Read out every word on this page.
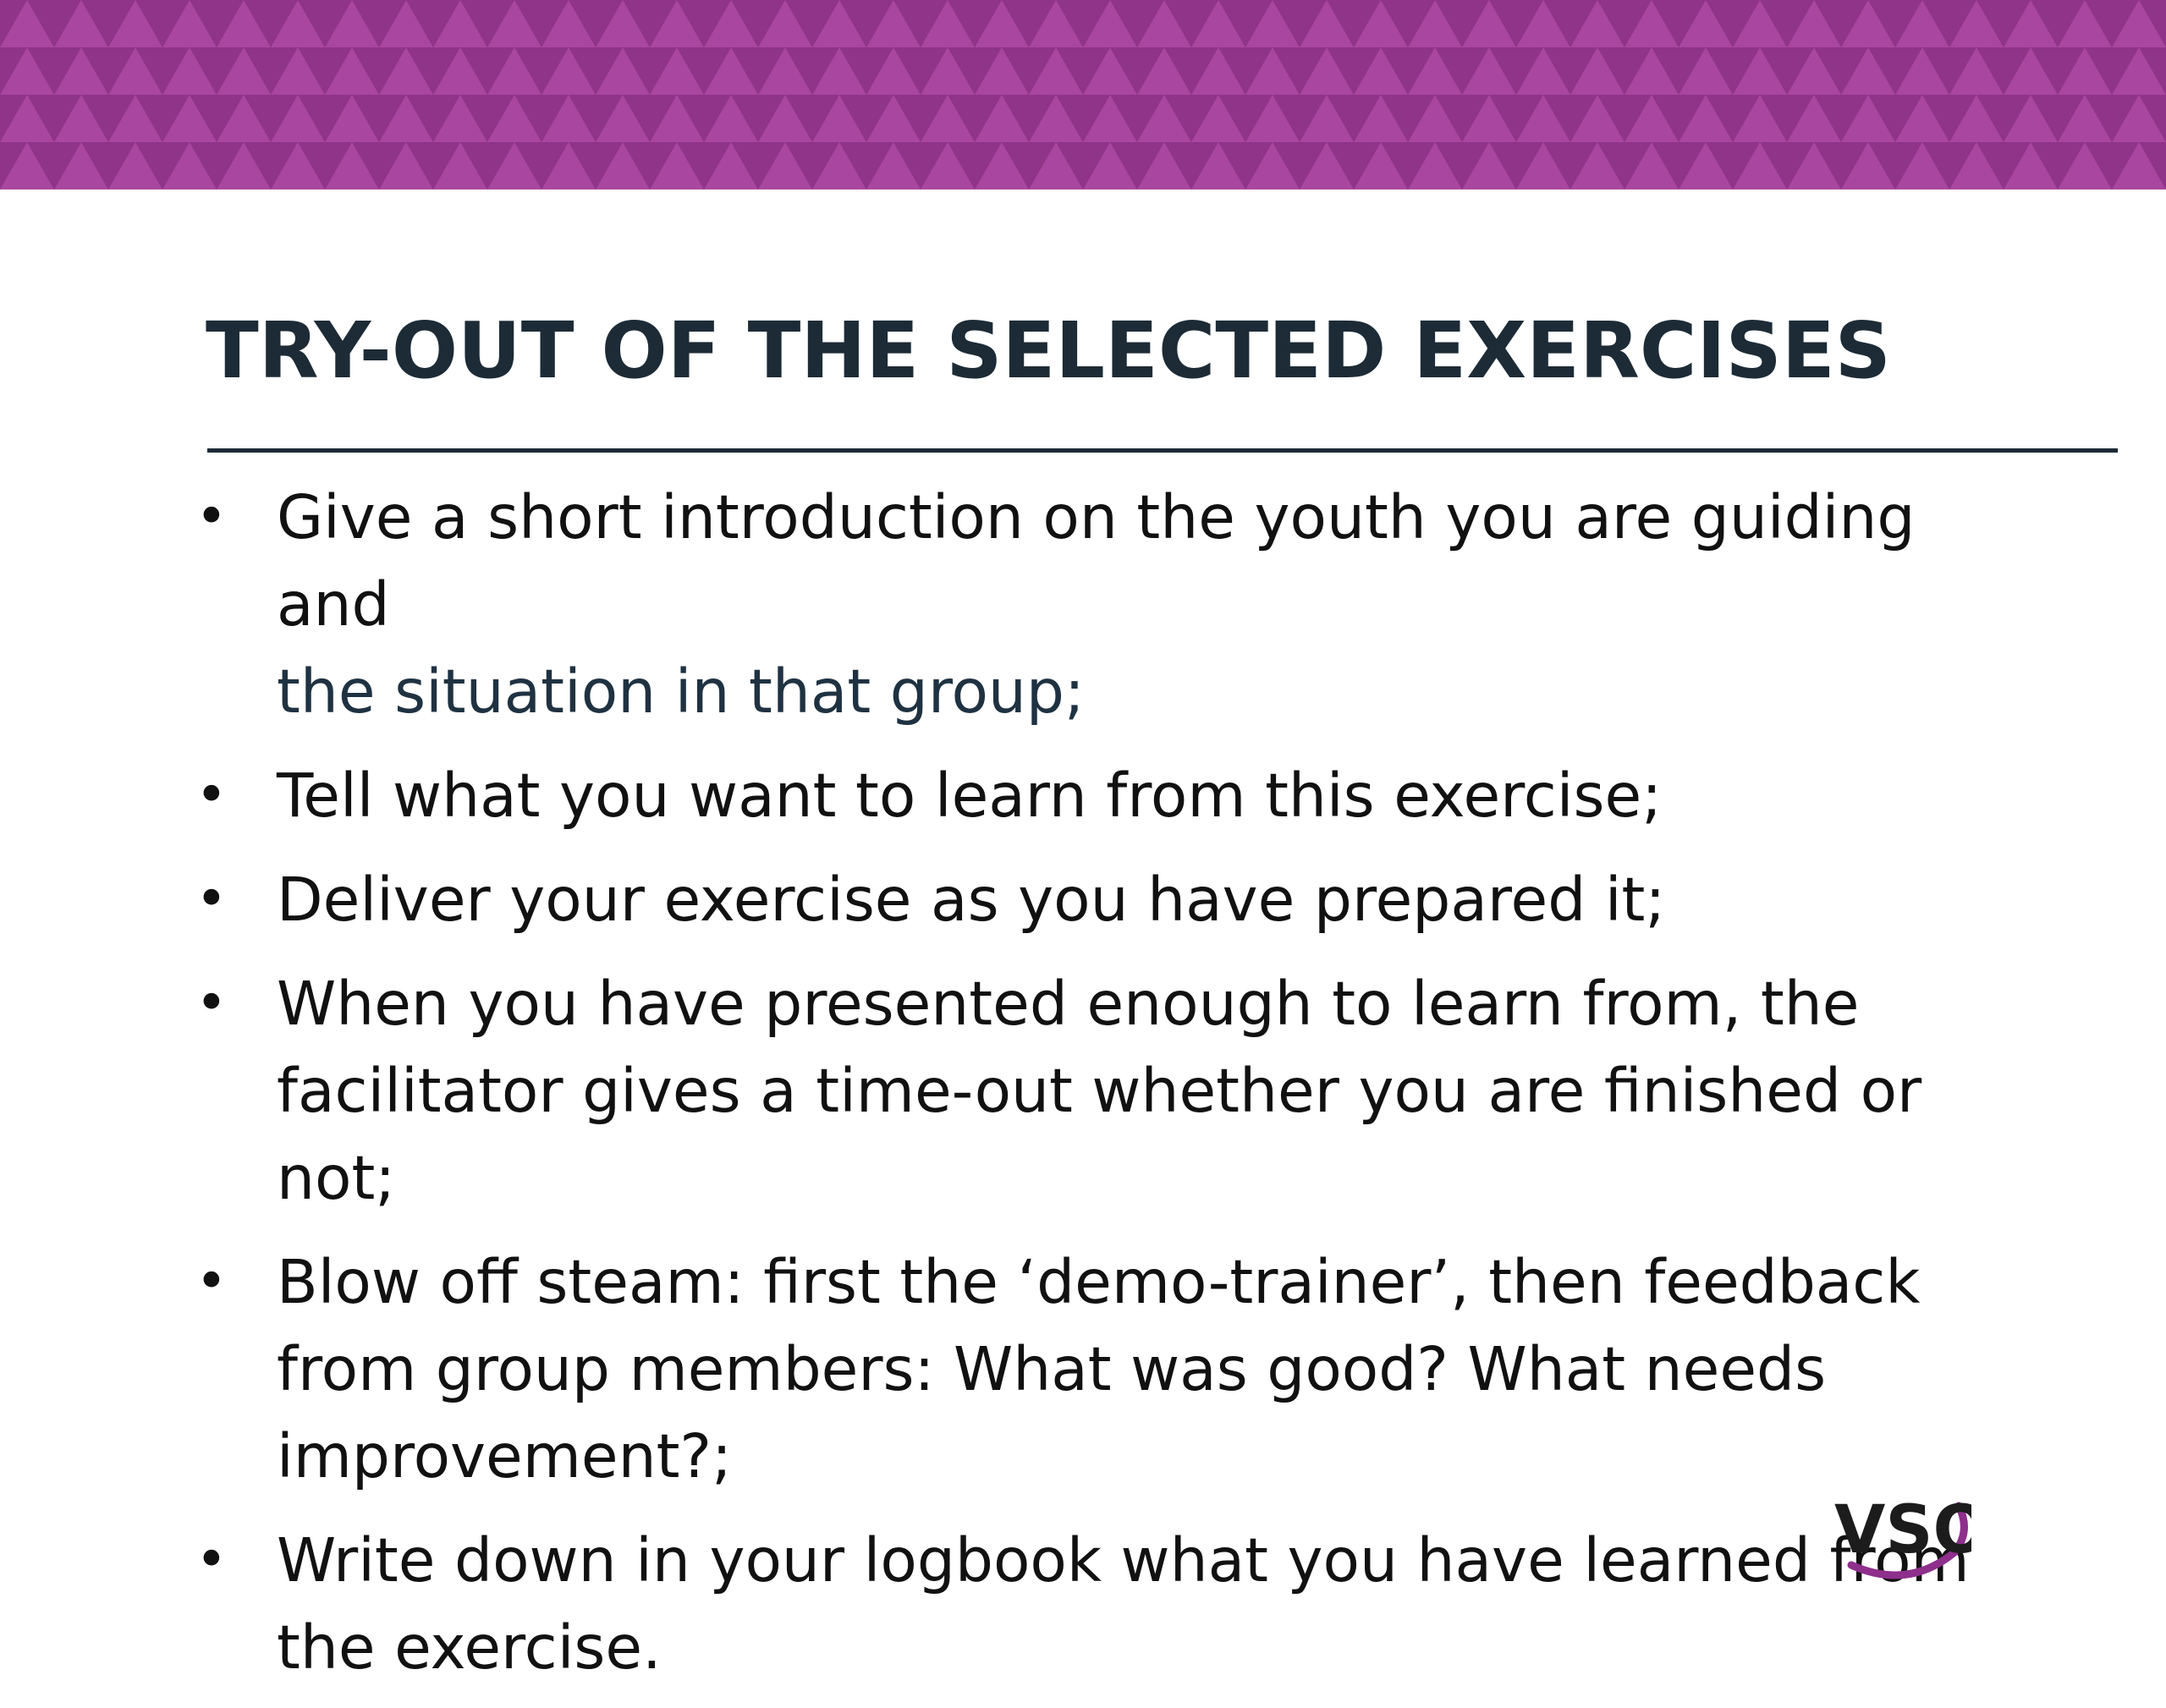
TRY-OUT OF THE SELECTED EXERCISES
• Give a short introduction on the youth you are guiding and
the situation in that group;
• Tell what you want to learn from this exercise;
• Deliver your exercise as you have prepared it;
• When you have presented enough to learn from, the facilitator gives a time-out whether you are finished or not;
• Blow off steam: first the ‘demo-trainer’, then feedback from group members: What was good? What needs improvement?;
• Write down in your logbook what you have learned from the exercise.
VSO
